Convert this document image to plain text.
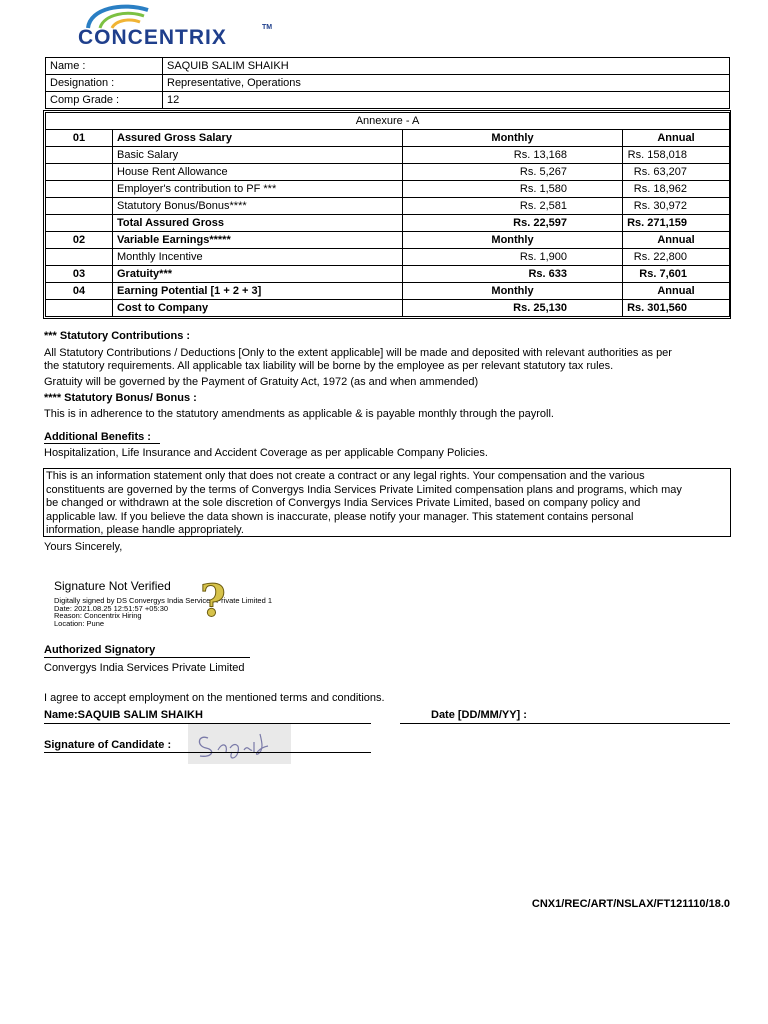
CONCENTRIX	TM
Name :	SAQUIB SALIM SHAIKH
Designation :	Representative, Operations
Comp Grade :	12
Annexure - A			
01	Assured Gross Salary	Monthly	Annual
	Basic Salary	Rs. 13,168	Rs. 158,018
	House Rent Allowance	Rs. 5,267	Rs. 63,207
	Employer's contribution to PF ***	Rs. 1,580	Rs. 18,962
	Statutory Bonus/Bonus****	Rs. 2,581	Rs. 30,972
	Total Assured Gross	Rs. 22,597	Rs. 271,159
02	Variable Earnings*****	Monthly	Annual
	Monthly Incentive	Rs. 1,900	Rs. 22,800
03	Gratuity***	Rs. 633	Rs. 7,601
04	Earning Potential [1 + 2 + 3]	Monthly	Annual
	Cost to Company	Rs. 25,130	Rs. 301,560
*** Statutory Contributions :
All Statutory Contributions / Deductions [Only to the extent applicable] will be made and deposited with relevant authorities as per
the statutory requirements. All applicable tax liability will be borne by the employee as per relevant statutory tax rules.
Gratuity will be governed by the Payment of Gratuity Act, 1972 (as and when ammended)
**** Statutory Bonus/ Bonus :
This is in adherence to the statutory amendments as applicable & is payable monthly through the payroll.
Additional Benefits :
Hospitalization, Life Insurance and Accident Coverage as per applicable Company Policies.
This is an information statement only that does not create a contract or any legal rights. Your compensation and the various
constituents are governed by the terms of Convergys India Services Private Limited compensation plans and programs, which may
be changed or withdrawn at the sole discretion of Convergys India Services Private Limited, based on company policy and
applicable law. If you believe the data shown is inaccurate, please notify your manager. This statement contains personal
information, please handle appropriately.
Yours Sincerely,
Signature Not Verified
Digitally signed by DS Convergys India Services Private Limited 1
Date: 2021.08.25 12:51:57 +05:30
Reason: Concentrix Hiring
Location: Pune	?
Authorized Signatory
Convergys India Services Private Limited
I agree to accept employment on the mentioned terms and conditions.
Name:SAQUIB SALIM SHAIKH	Date [DD/MM/YY] :
Signature of Candidate :
CNX1/REC/ART/NSLAX/FT121110/18.0
